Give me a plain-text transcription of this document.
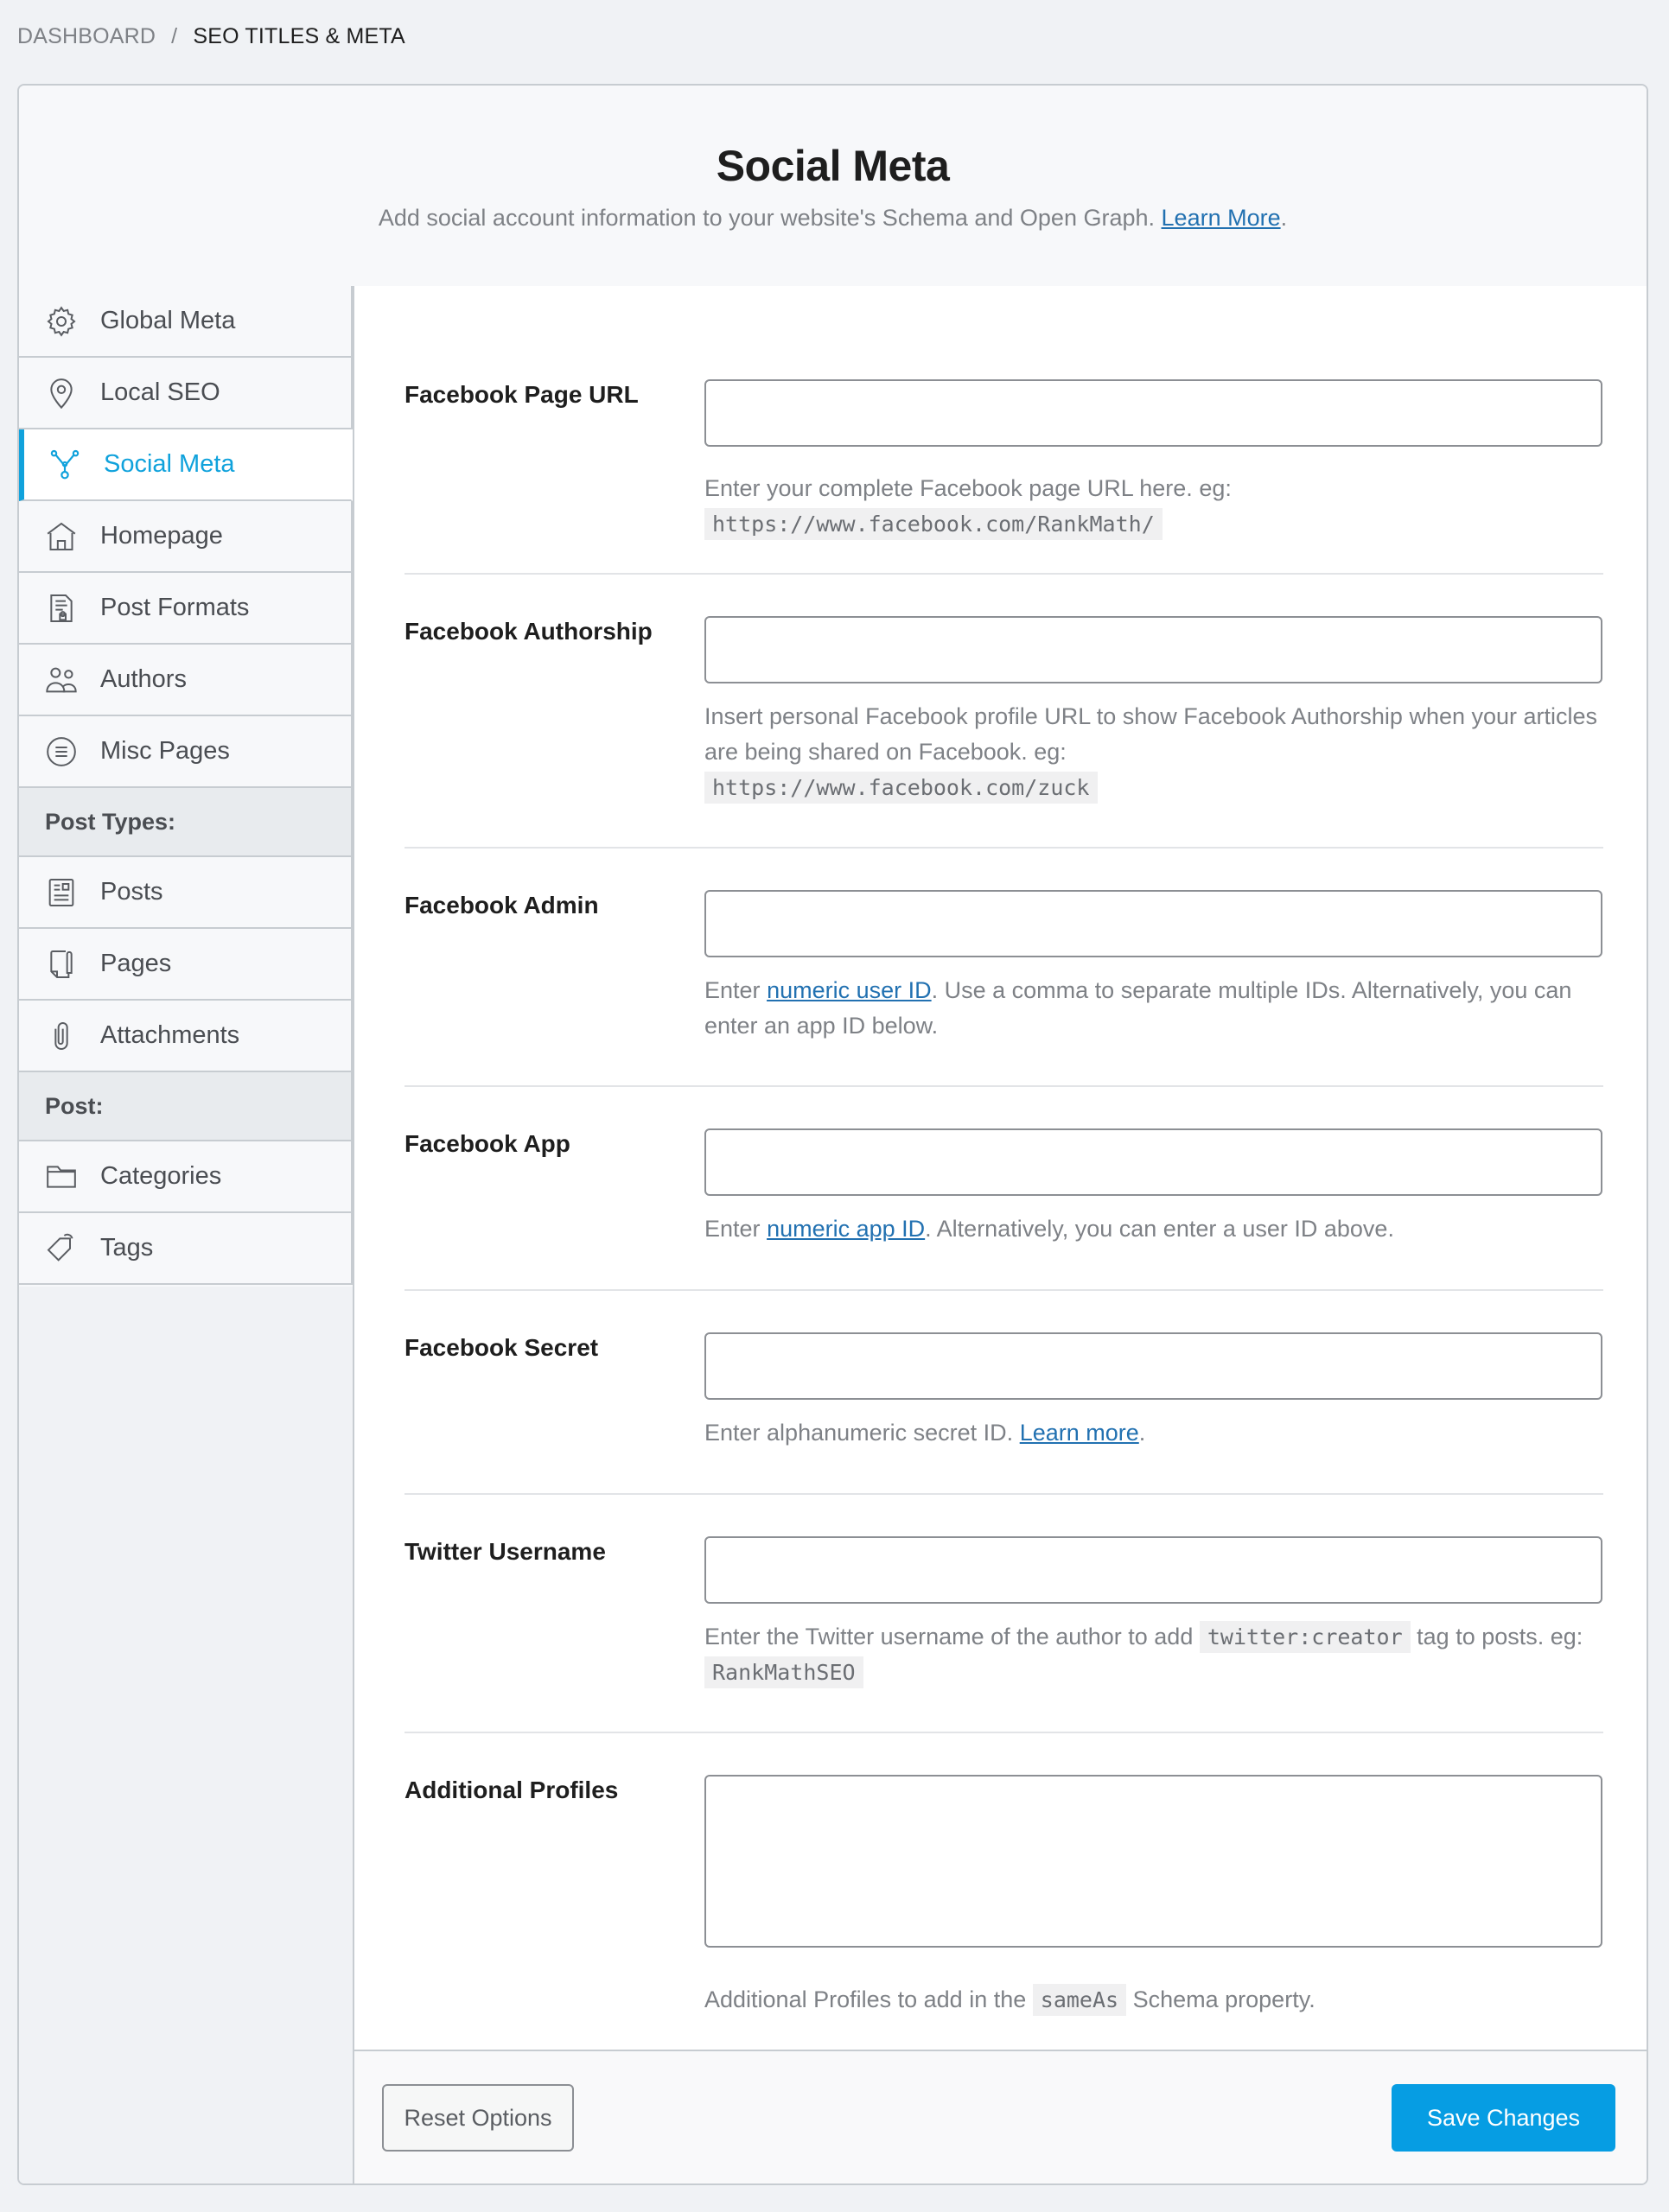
DASHBOARD / SEO TITLES & META
Social Meta

Add social account information to your website's Schema and Open Graph. Learn More.

Global Meta
Local SEO
Social Meta
Homepage
Post Formats
Authors
Misc Pages
Post Types:
Posts
Pages
Attachments
Post:
Categories
Tags
Facebook Page URL
Enter your complete Facebook page URL here. eg:
https://www.facebook.com/RankMath/
Facebook Authorship
Insert personal Facebook profile URL to show Facebook Authorship when your articles are being shared on Facebook. eg:
https://www.facebook.com/zuck
Facebook Admin
Enter numeric user ID. Use a comma to separate multiple IDs. Alternatively, you can enter an app ID below.
Facebook App
Enter numeric app ID. Alternatively, you can enter a user ID above.
Facebook Secret
Enter alphanumeric secret ID. Learn more.
Twitter Username
Enter the Twitter username of the author to add twitter:creator tag to posts. eg: RankMathSEO
Additional Profiles
Additional Profiles to add in the sameAs Schema property.
Reset Options	Save Changes
